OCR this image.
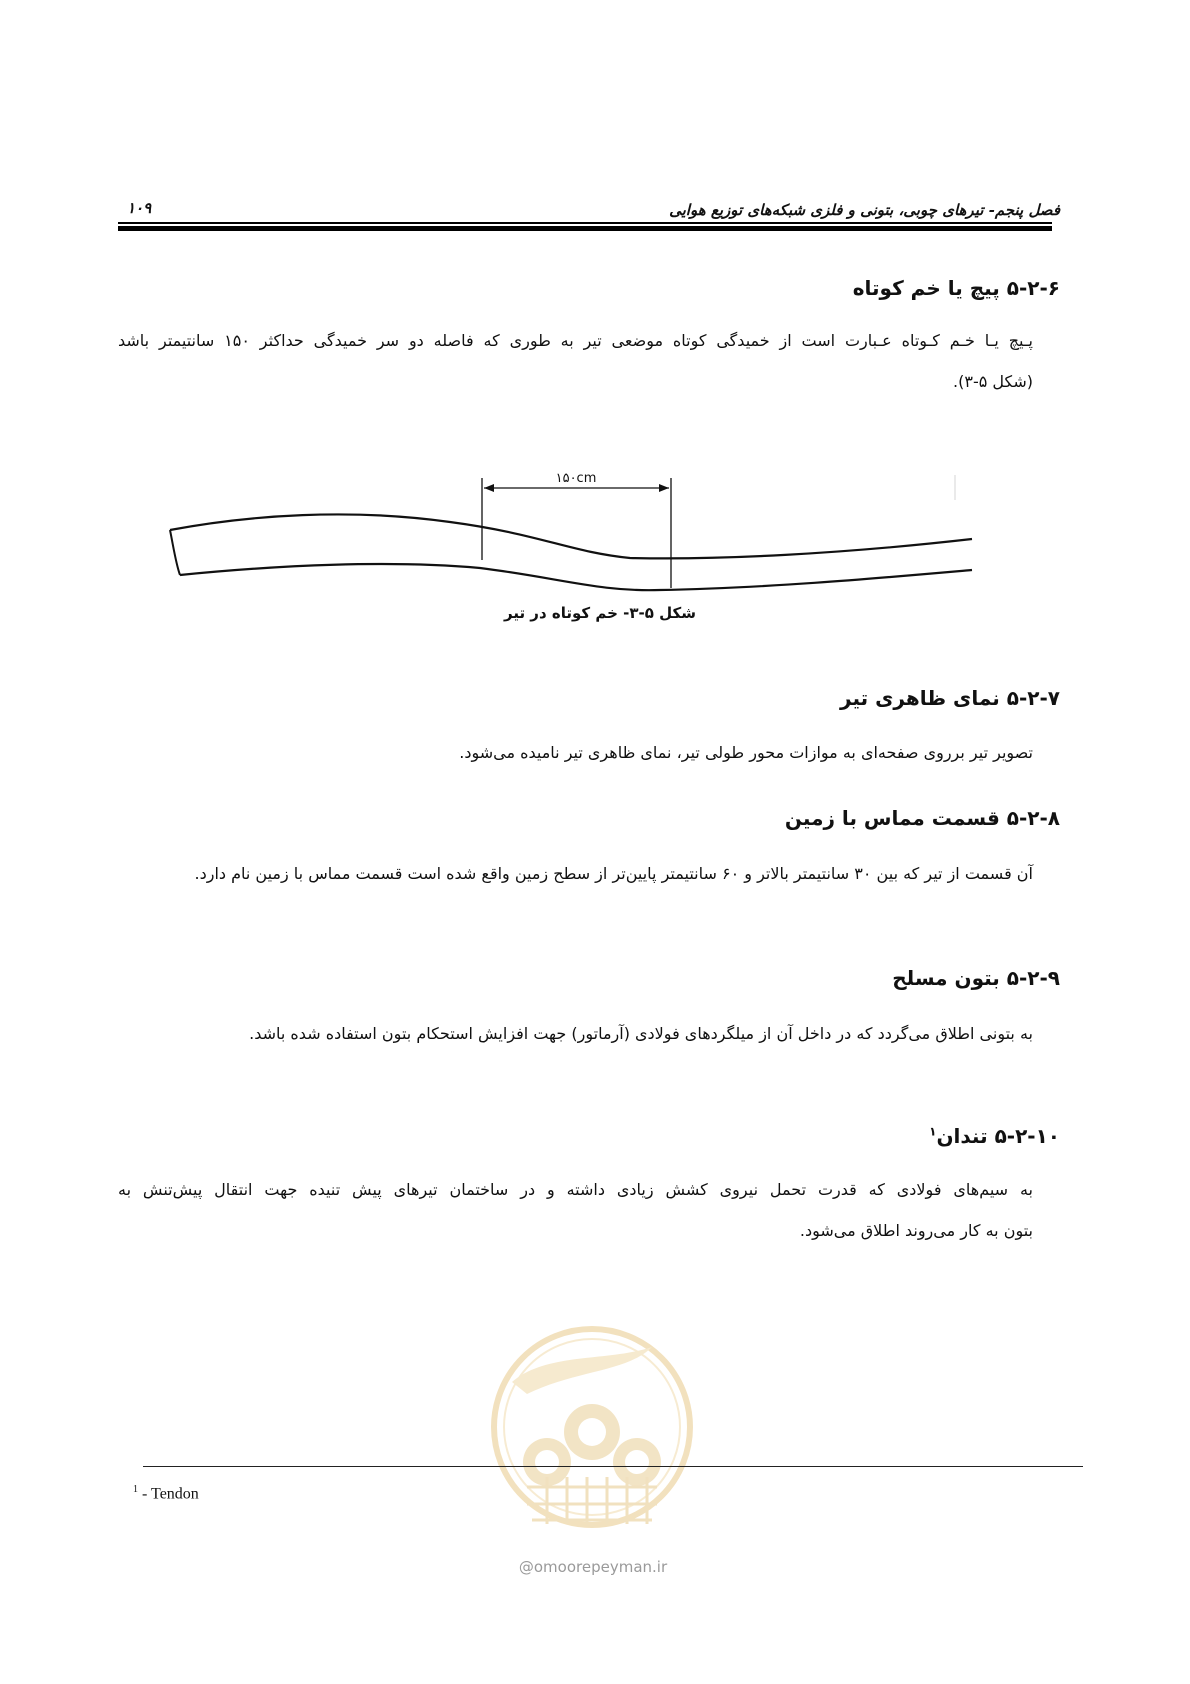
فصل پنجم- تیرهای چوبی، بتونی و فلزی شبکه‌های توزیع هوایی
۱۰۹
۵-۲-۶ پیچ یا خم کوتاه
پـیچ یـا خـم کـوتاه عـبارت است از خمیدگی کوتاه موضعی تیر به طوری که فاصله دو سر خمیدگی حداکثر ۱۵۰ سانتیمتر باشد
(شکل ۵-۳).
۱۵۰cm
شکل ۵-۳- خم کوتاه در تیر
۵-۲-۷ نمای ظاهری تیر
تصویر تیر برروی صفحه‌ای به موازات محور طولی تیر، نمای ظاهری تیر نامیده می‌شود.
۵-۲-۸ قسمت مماس با زمین
آن قسمت از تیر که بین ۳۰ سانتیمتر بالاتر و ۶۰ سانتیمتر پایین‌تر از سطح زمین واقع شده است قسمت مماس با زمین نام دارد.
۵-۲-۹ بتون مسلح
به بتونی اطلاق می‌گردد که در داخل آن از میلگردهای فولادی (آرماتور) جهت افزایش استحکام بتون استفاده شده باشد.
۵-۲-۱۰ تندان$^۱$
به سیم‌های فولادی که قدرت تحمل نیروی کشش زیادی داشته و در ساختمان تیرهای پیش تنیده جهت انتقال پیش‌تنش به
بتون به کار می‌روند اطلاق می‌شود.
@omoorepeyman.ir
$^1$ - Tendon
